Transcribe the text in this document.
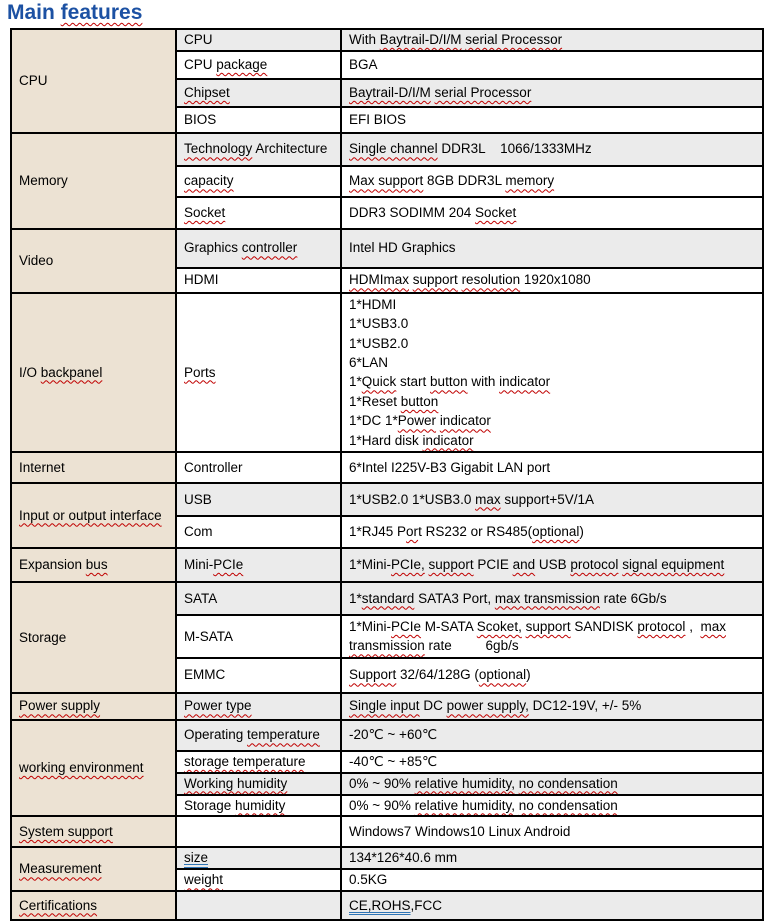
Main features
CPU	CPU	With Baytrail-D/I/M serial Processor

	CPU package	BGA

	Chipset	Baytrail-D/I/M serial Processor

	BIOS	EFI BIOS

Memory	Technology Architecture	Single channel DDR3L    1066/1333MHz

	capacity	Max support 8GB DDR3L memory

	Socket	DDR3 SODIMM 204 Socket

Video	Graphics controller	Intel HD Graphics

	HDMI	HDMImax support resolution 1920x1080

I/O backpanel	Ports

1*HDMI
1*USB3.0
1*USB2.0
6*LAN
1*Quick start button with indicator
1*Reset button
1*DC 1*Power indicator
1*Hard disk indicator

Internet	Controller	6*Intel I225V-B3 Gigabit LAN port

Input or output interface	USB	1*USB2.0 1*USB3.0 max support+5V/1A

	Com	1*RJ45 Port RS232 or RS485(optional)

Expansion bus	Mini-PCIe	1*Mini-PCIe, support PCIE and USB protocol signal equipment

Storage	SATA	1*standard SATA3 Port, max transmission rate 6Gb/s

	M-SATA	1*Mini-PCIe M-SATA Scoket, support SANDISK protocol ,  max
transmission rate         6gb/s

	EMMC	Support 32/64/128G (optional)

Power supply	Power type	Single input DC power supply, DC12-19V, +/- 5%

working environment	Operating temperature	-20℃ ~ +60℃

	storage temperature	-40℃ ~ +85℃

	Working humidity	0% ~ 90% relative humidity, no condensation

	Storage humidity	0% ~ 90% relative humidity, no condensation

System support		Windows7 Windows10 Linux Android

Measurement	size	134*126*40.6 mm

	weight	0.5KG

Certifications		CE,ROHS,FCC
